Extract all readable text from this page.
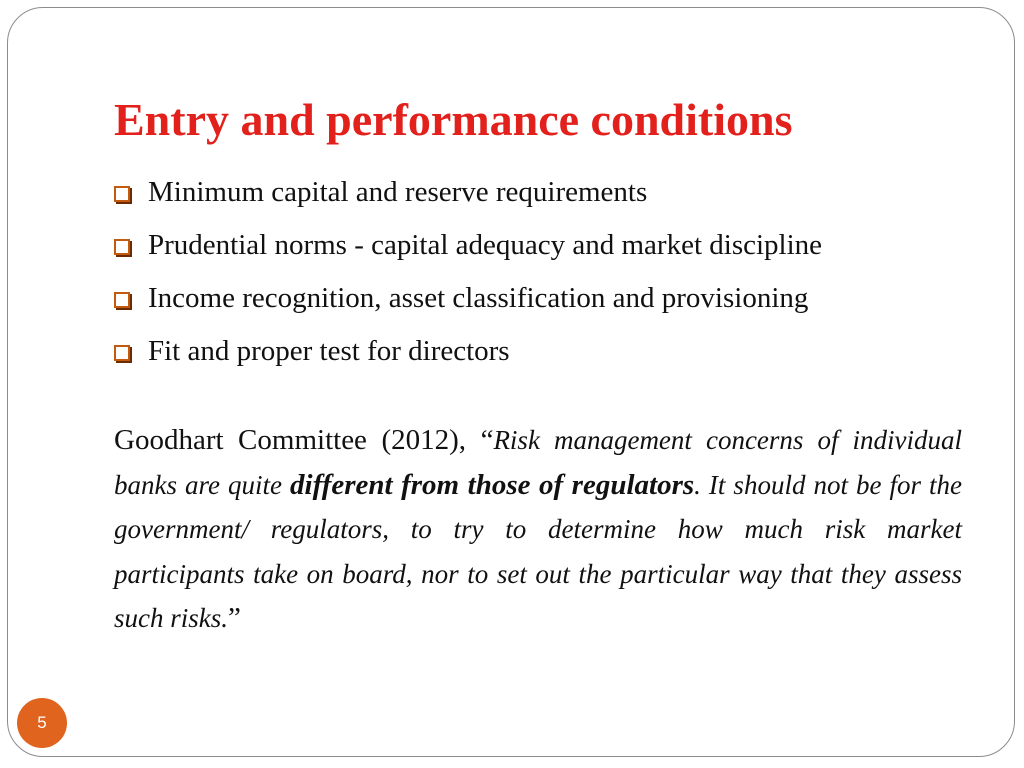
Entry and performance conditions
Minimum capital and reserve requirements
Prudential norms - capital adequacy and market discipline
Income recognition, asset classification and provisioning
Fit and proper test for directors

Goodhart Committee (2012), “Risk management concerns of individual banks are quite different from those of regulators. It should not be for the government/ regulators, to try to determine how much risk market participants take on board, nor to set out the particular way that they assess such risks.”

5
